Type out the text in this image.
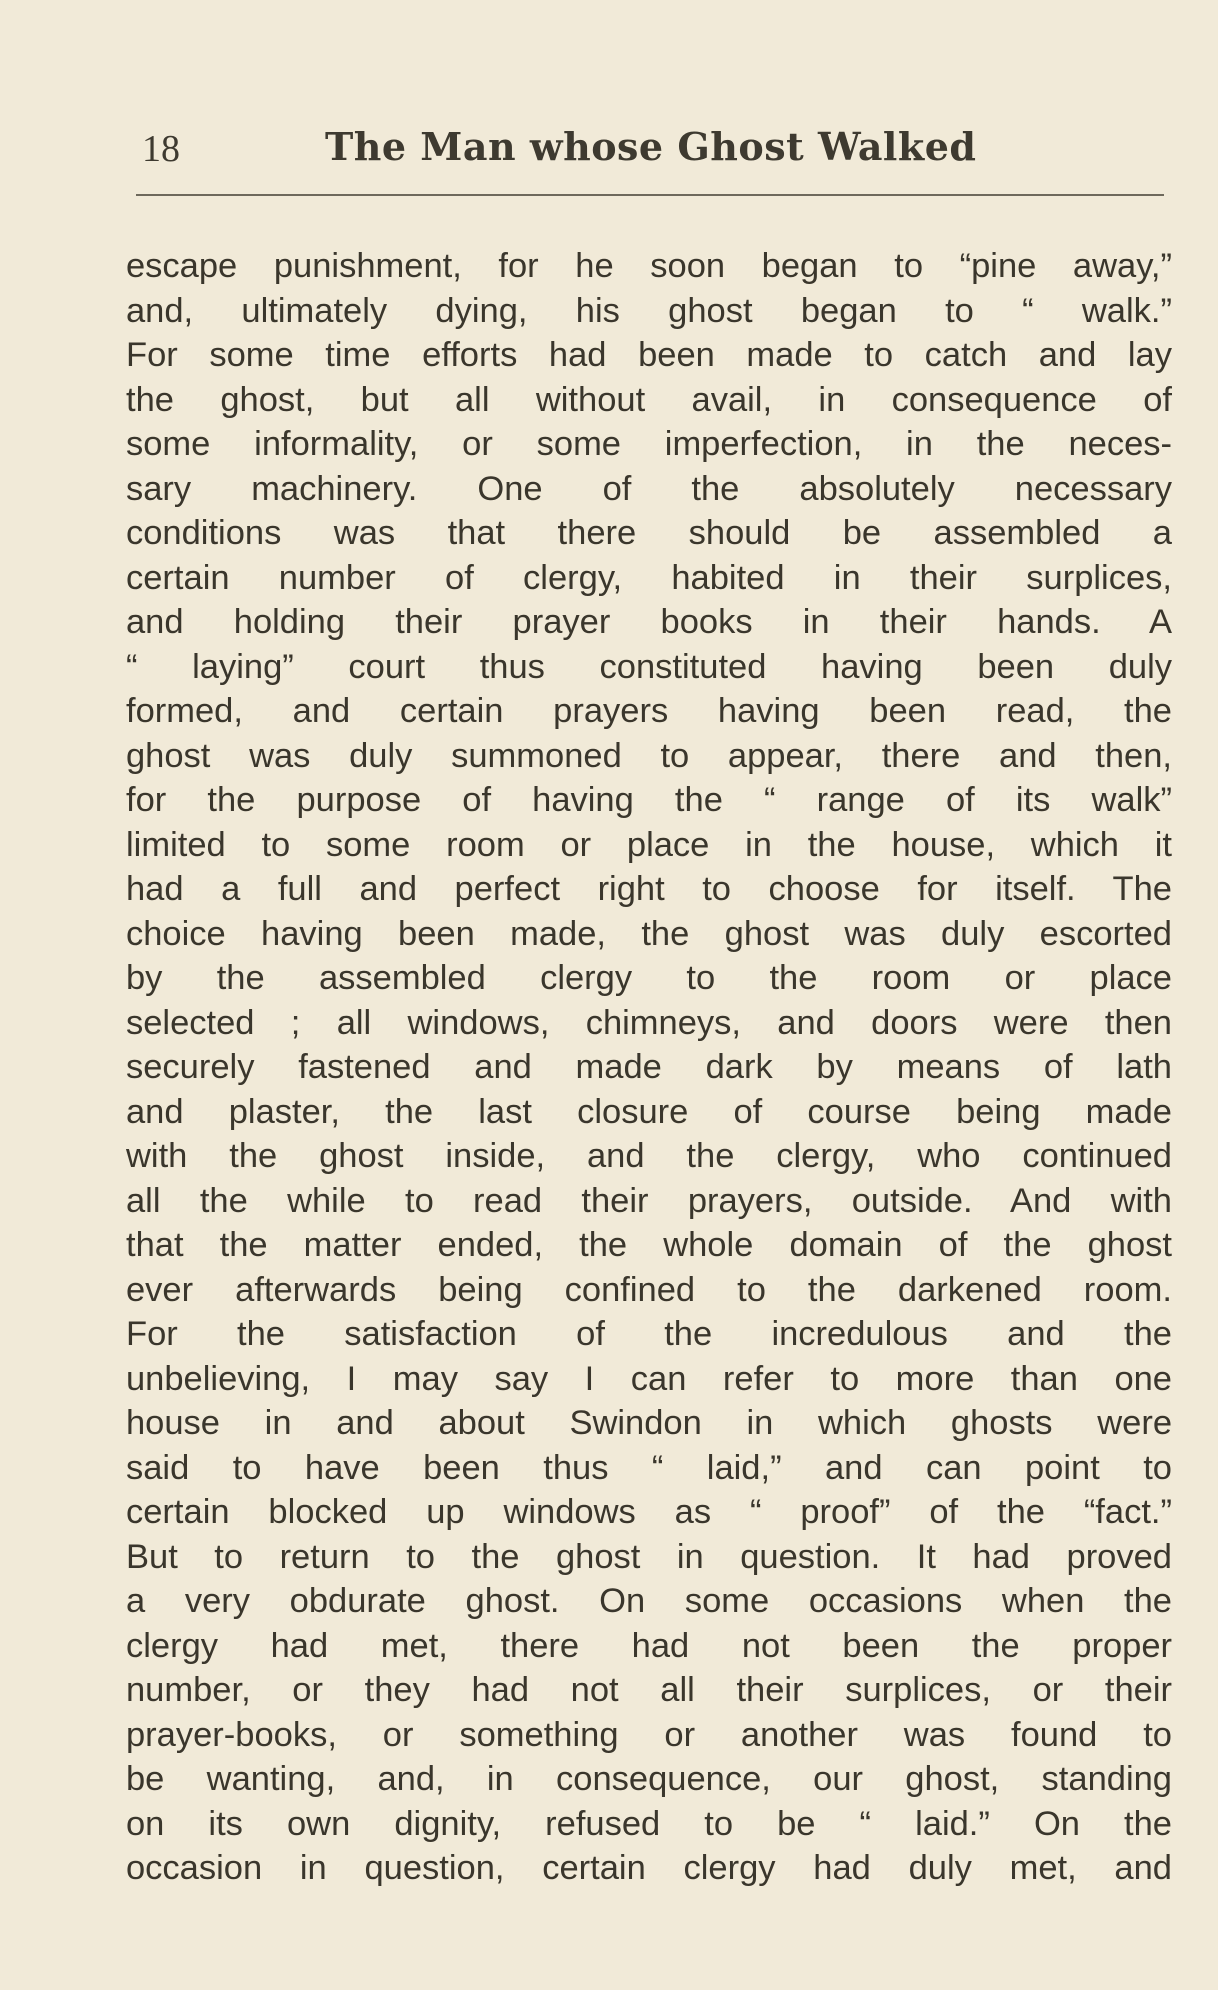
18	The Man whose Ghost Walked
escape punishment, for he soon began to “pine away,”
and, ultimately dying, his ghost began to “ walk.”
For some time efforts had been made to catch and lay
the ghost, but all without avail, in consequence of
some informality, or some imperfection, in the neces-
sary machinery. One of the absolutely necessary
conditions was that there should be assembled a
certain number of clergy, habited in their surplices,
and holding their prayer books in their hands. A
“ laying” court thus constituted having been duly
formed, and certain prayers having been read, the
ghost was duly summoned to appear, there and then,
for the purpose of having the “ range of its walk”
limited to some room or place in the house, which it
had a full and perfect right to choose for itself. The
choice having been made, the ghost was duly escorted
by the assembled clergy to the room or place
selected ; all windows, chimneys, and doors were then
securely fastened and made dark by means of lath
and plaster, the last closure of course being made
with the ghost inside, and the clergy, who continued
all the while to read their prayers, outside. And with
that the matter ended, the whole domain of the ghost
ever afterwards being confined to the darkened room.
For the satisfaction of the incredulous and the
unbelieving, I may say I can refer to more than one
house in and about Swindon in which ghosts were
said to have been thus “ laid,” and can point to
certain blocked up windows as “ proof” of the “fact.”
But to return to the ghost in question. It had proved
a very obdurate ghost. On some occasions when the
clergy had met, there had not been the proper
number, or they had not all their surplices, or their
prayer-books, or something or another was found to
be wanting, and, in consequence, our ghost, standing
on its own dignity, refused to be “ laid.” On the
occasion in question, certain clergy had duly met, and
